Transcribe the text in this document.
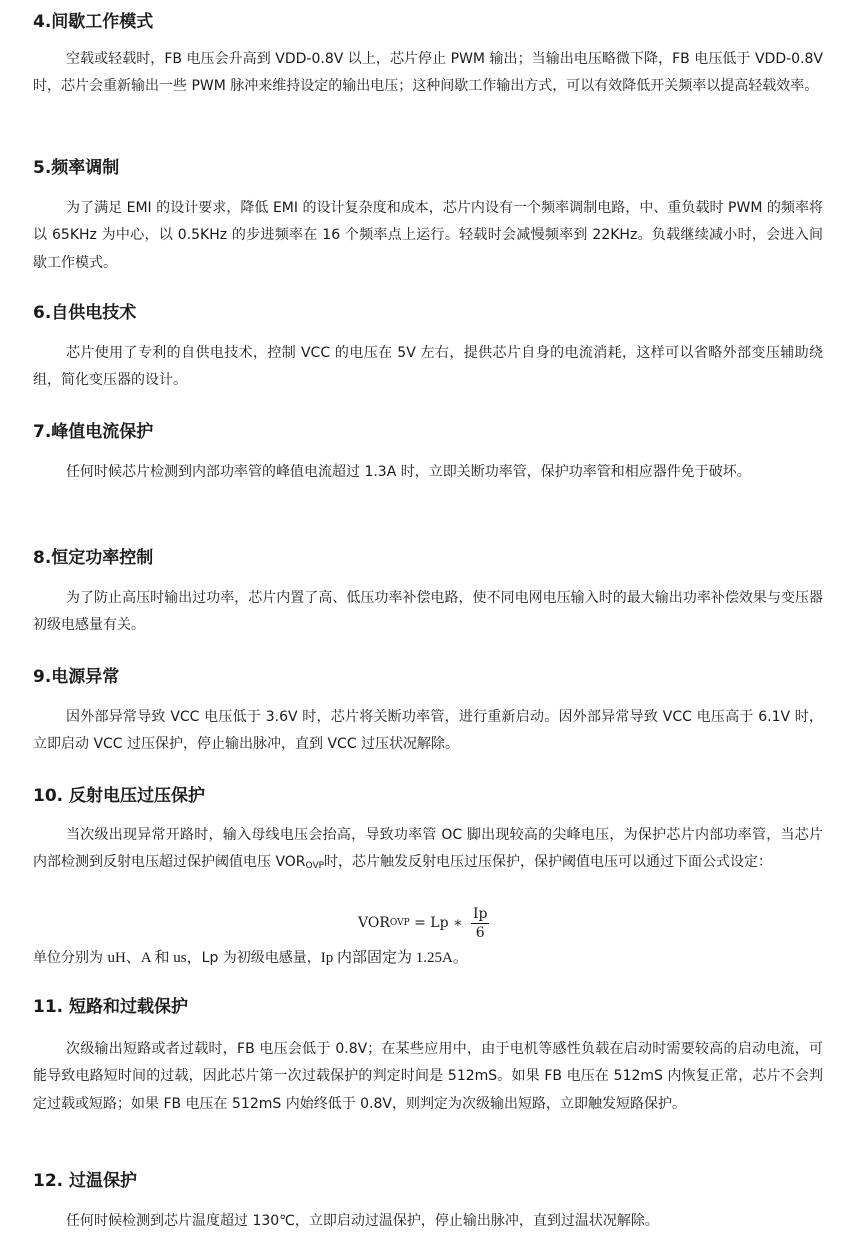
4.间歇工作模式

空载或轻载时，FB 电压会升高到 VDD-0.8V 以上，芯片停止 PWM 输出；当输出电压略微下降，FB 电压低于 VDD-0.8V 时，芯片会重新输出一些 PWM 脉冲来维持设定的输出电压；这种间歇工作输出方式，可以有效降低开关频率以提高轻载效率。

5.频率调制

为了满足 EMI 的设计要求，降低 EMI 的设计复杂度和成本，芯片内设有一个频率调制电路，中、重负载时 PWM 的频率将以 65KHz 为中心，以 0.5KHz 的步进频率在 16 个频率点上运行。轻载时会减慢频率到 22KHz。负载继续减小时，会进入间歇工作模式。

6.自供电技术

芯片使用了专利的自供电技术，控制 VCC 的电压在 5V 左右，提供芯片自身的电流消耗，这样可以省略外部变压辅助绕组，简化变压器的设计。

7.峰值电流保护

任何时候芯片检测到内部功率管的峰值电流超过 1.3A 时，立即关断功率管，保护功率管和相应器件免于破坏。

8.恒定功率控制

为了防止高压时输出过功率，芯片内置了高、低压功率补偿电路，使不同电网电压输入时的最大输出功率补偿效果与变压器初级电感量有关。

9.电源异常

因外部异常导致 VCC 电压低于 3.6V 时，芯片将关断功率管，进行重新启动。因外部异常导致 VCC 电压高于 6.1V 时，立即启动 VCC 过压保护，停止输出脉冲，直到 VCC 过压状况解除。

10. 反射电压过压保护

当次级出现异常开路时，输入母线电压会抬高，导致功率管 OC 脚出现较高的尖峰电压，为保护芯片内部功率管，当芯片内部检测到反射电压超过保护阈值电压 $VOR_{OVP}$时，芯片触发反射电压过压保护，保护阈值电压可以通过下面公式设定：

VOR OVP = Lp ∗ $\frac{Ip}{6}$

单位分别为 uH、A 和 us，Lp 为初级电感量，Ip 内部固定为 1.25A。

11. 短路和过载保护

次级输出短路或者过载时，FB 电压会低于 0.8V；在某些应用中，由于电机等感性负载在启动时需要较高的启动电流，可能导致电路短时间的过载，因此芯片第一次过载保护的判定时间是 512mS。如果 FB 电压在 512mS 内恢复正常，芯片不会判定过载或短路；如果 FB 电压在 512mS 内始终低于 0.8V，则判定为次级输出短路，立即触发短路保护。

12. 过温保护

任何时候检测到芯片温度超过 130℃，立即启动过温保护，停止输出脉冲，直到过温状况解除。
